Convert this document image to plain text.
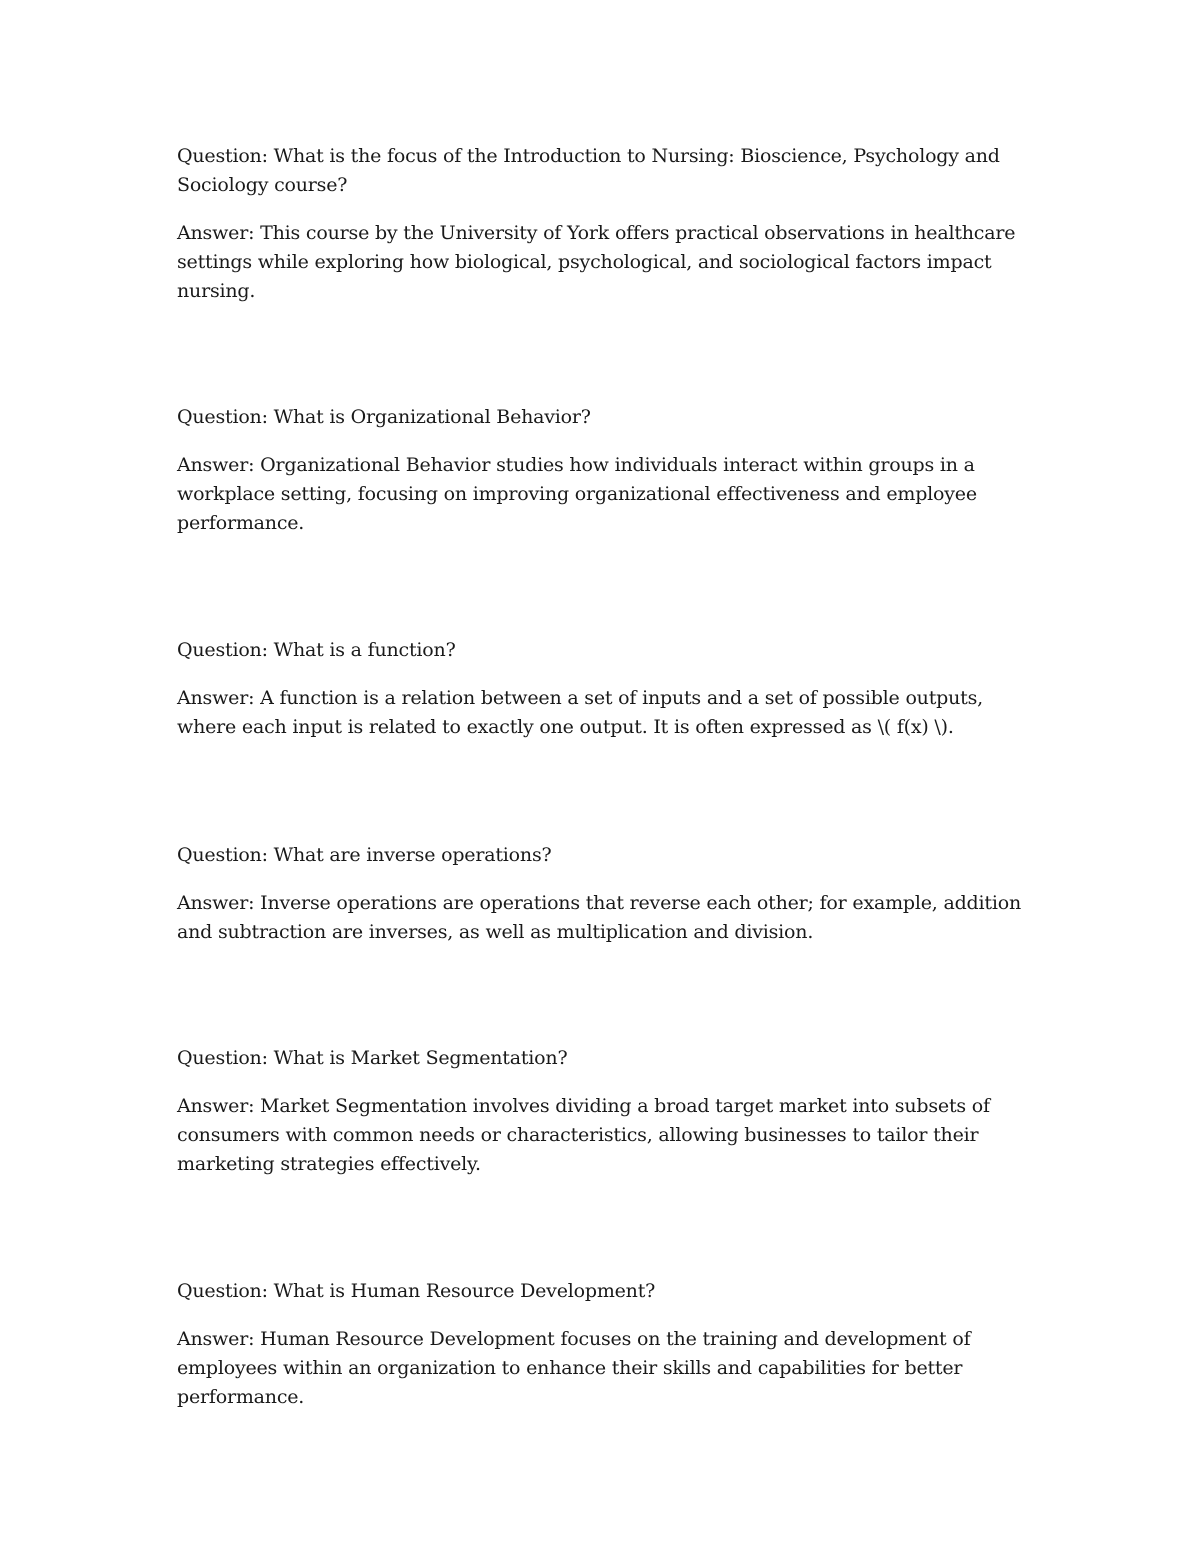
Question: What is the focus of the Introduction to Nursing: Bioscience, Psychology and Sociology course?

Answer: This course by the University of York offers practical observations in healthcare settings while exploring how biological, psychological, and sociological factors impact nursing.

Question: What is Organizational Behavior?

Answer: Organizational Behavior studies how individuals interact within groups in a workplace setting, focusing on improving organizational effectiveness and employee performance.

Question: What is a function?

Answer: A function is a relation between a set of inputs and a set of possible outputs, where each input is related to exactly one output. It is often expressed as \( f(x) \).

Question: What are inverse operations?

Answer: Inverse operations are operations that reverse each other; for example, addition and subtraction are inverses, as well as multiplication and division.

Question: What is Market Segmentation?

Answer: Market Segmentation involves dividing a broad target market into subsets of consumers with common needs or characteristics, allowing businesses to tailor their marketing strategies effectively.

Question: What is Human Resource Development?

Answer: Human Resource Development focuses on the training and development of employees within an organization to enhance their skills and capabilities for better performance.
